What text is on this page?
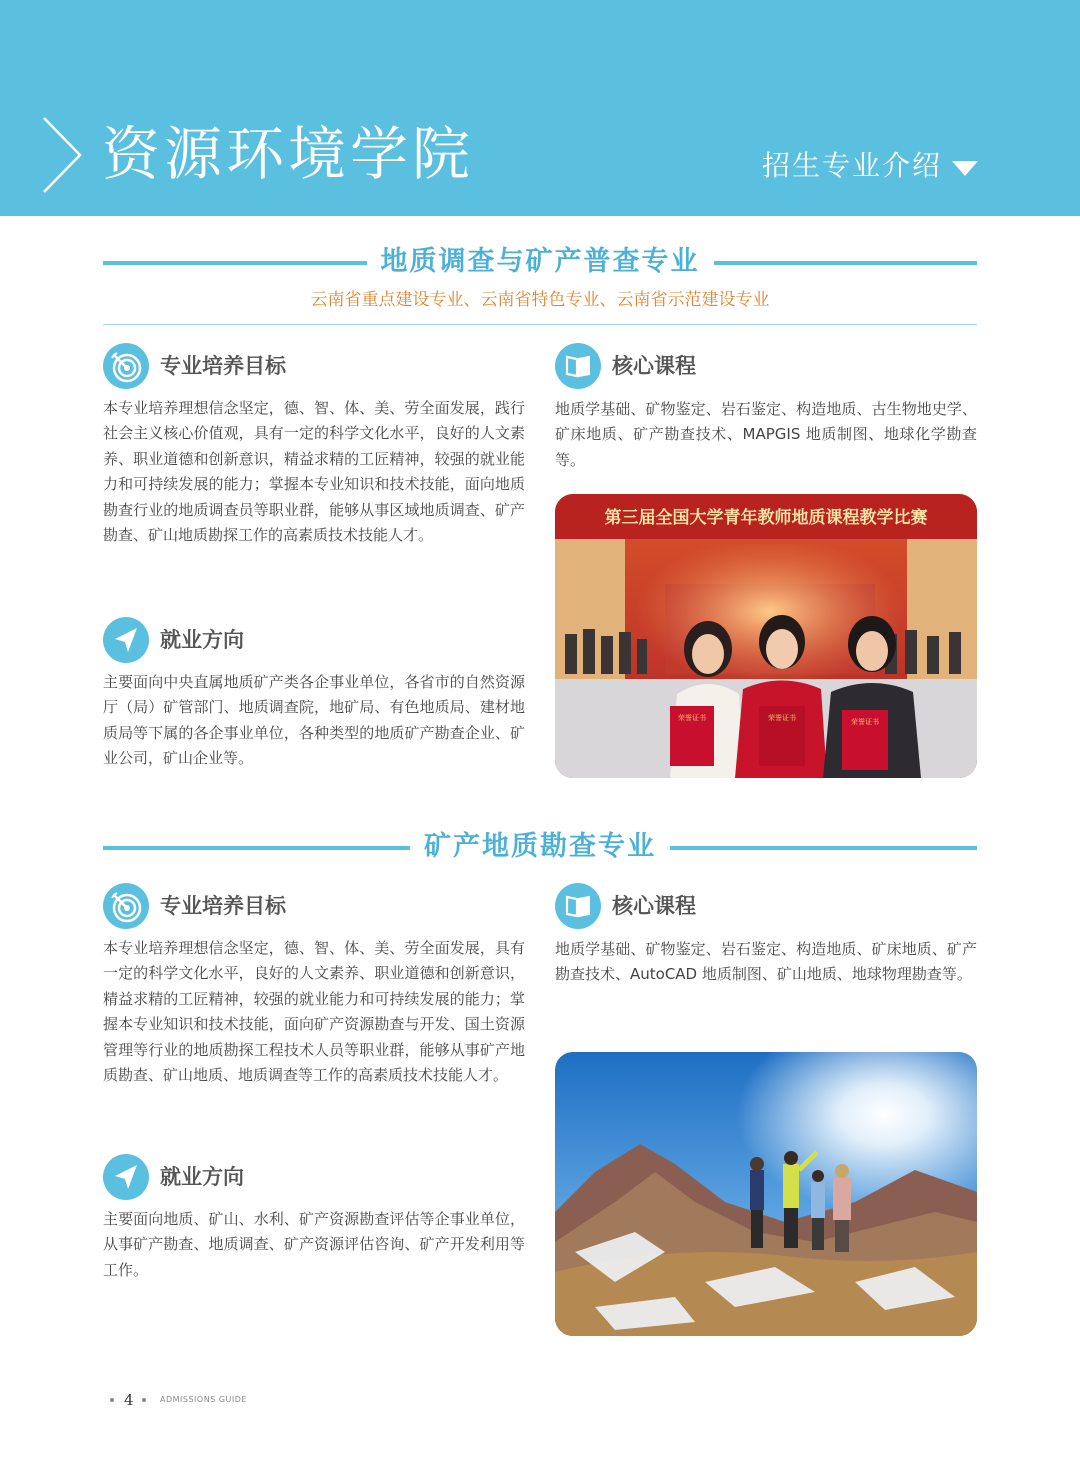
资源环境学院	招生专业介绍
地质调查与矿产普查专业
云南省重点建设专业、云南省特色专业、云南省示范建设专业
专业培养目标
本专业培养理想信念坚定，德、智、体、美、劳全面发展，践行社会主义核心价值观，具有一定的科学文化水平，良好的人文素养、职业道德和创新意识，精益求精的工匠精神，较强的就业能力和可持续发展的能力；掌握本专业知识和技术技能，面向地质勘查行业的地质调查员等职业群，能够从事区域地质调查、矿产勘查、矿山地质勘探工作的高素质技术技能人才。
核心课程
地质学基础、矿物鉴定、岩石鉴定、构造地质、古生物地史学、矿床地质、矿产勘查技术、MAPGIS 地质制图、地球化学勘查等。
就业方向
主要面向中央直属地质矿产类各企事业单位，各省市的自然资源厅（局）矿管部门、地质调查院，地矿局、有色地质局、建材地质局等下属的各企事业单位，各种类型的地质矿产勘查企业、矿业公司，矿山企业等。
第三届全国大学青年教师地质课程教学比赛
荣誉证书	荣誉证书	荣誉证书
矿产地质勘查专业
专业培养目标
本专业培养理想信念坚定，德、智、体、美、劳全面发展，具有一定的科学文化水平，良好的人文素养、职业道德和创新意识，精益求精的工匠精神，较强的就业能力和可持续发展的能力；掌握本专业知识和技术技能，面向矿产资源勘查与开发、国土资源管理等行业的地质勘探工程技术人员等职业群，能够从事矿产地质勘查、矿山地质、地质调查等工作的高素质技术技能人才。
核心课程
地质学基础、矿物鉴定、岩石鉴定、构造地质、矿床地质、矿产勘查技术、AutoCAD 地质制图、矿山地质、地球物理勘查等。
就业方向
主要面向地质、矿山、水利、矿产资源勘查评估等企事业单位，从事矿产勘查、地质调查、矿产资源评估咨询、矿产开发利用等工作。
4	ADMISSIONS GUIDE
